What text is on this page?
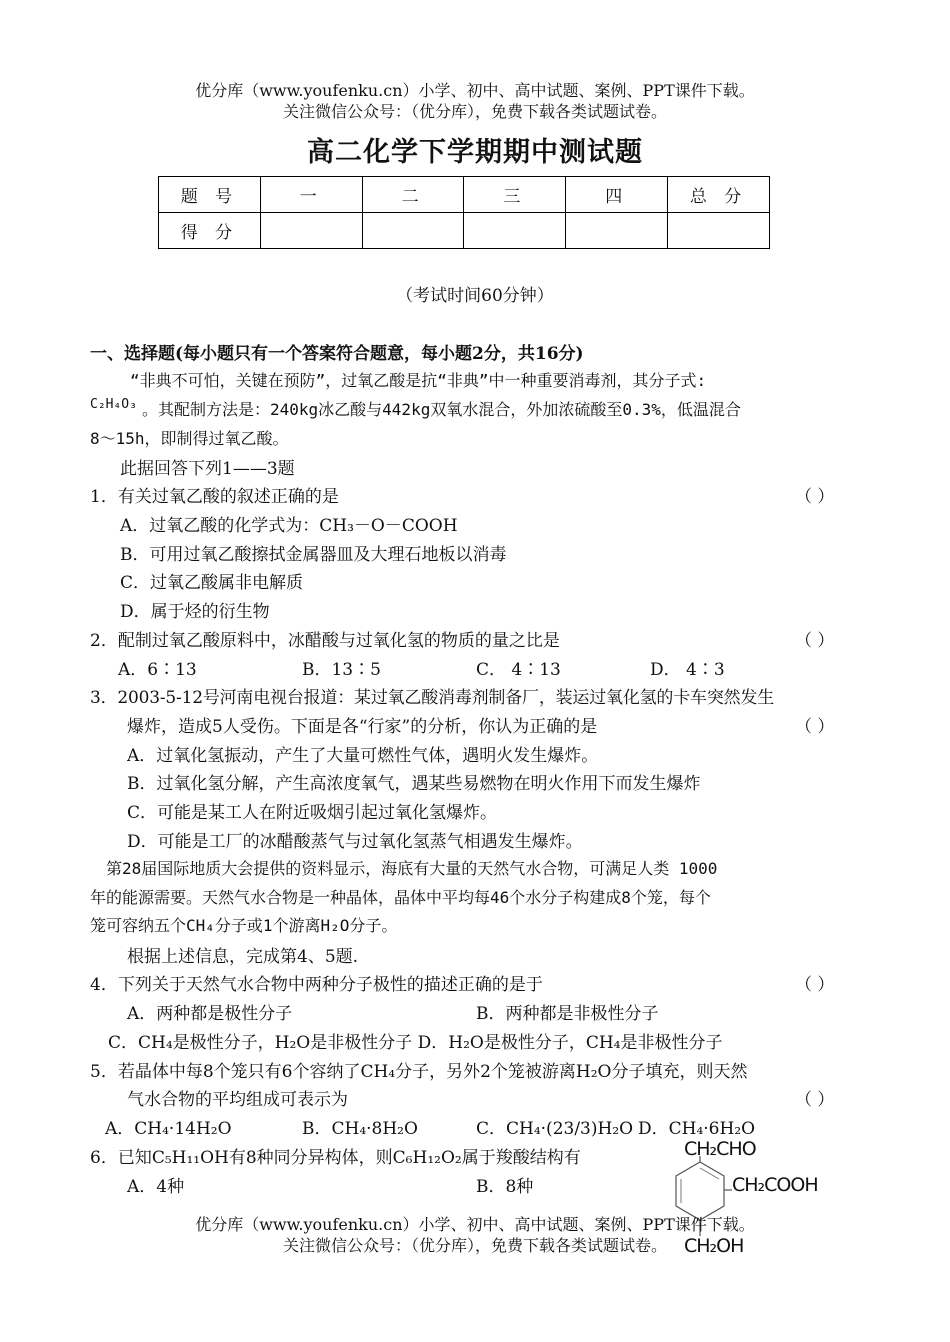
优分库（www.youfenku.cn）小学、初中、高中试题、案例、PPT课件下载。
关注微信公众号：（优分库），免费下载各类试题试卷。
高二化学下学期期中测试题
题 号	一	二	三	四	总 分
得 分					
（考试时间60分钟）
一、选择题(每小题只有一个答案符合题意，每小题2分，共16分)
“非典不可怕，关键在预防”，过氧乙酸是抗“非典”中一种重要消毒剂，其分子式:
C₂H₄O₃ 。其配制方法是：240kg冰乙酸与442kg双氧水混合，外加浓硫酸至0.3%，低温混合
8～15h，即制得过氧乙酸。
此据回答下列1——3题
1．有关过氧乙酸的叙述正确的是	（ ）
A．过氧乙酸的化学式为：CH₃－O－COOH
B．可用过氧乙酸擦拭金属器皿及大理石地板以消毒
C．过氧乙酸属非电解质
D．属于烃的衍生物
2．配制过氧乙酸原料中，冰醋酸与过氧化氢的物质的量之比是	（ ）
A．6∶13	B．13∶5	C． 4∶13	D． 4∶3
3．2003-5-12号河南电视台报道：某过氧乙酸消毒剂制备厂，装运过氧化氢的卡车突然发生
爆炸，造成5人受伤。下面是各“行家”的分析，你认为正确的是	（ ）
A．过氧化氢振动，产生了大量可燃性气体，遇明火发生爆炸。
B．过氧化氢分解，产生高浓度氧气，遇某些易燃物在明火作用下而发生爆炸
C．可能是某工人在附近吸烟引起过氧化氢爆炸。
D．可能是工厂的冰醋酸蒸气与过氧化氢蒸气相遇发生爆炸。
第28届国际地质大会提供的资料显示，海底有大量的天然气水合物，可满足人类 1000
年的能源需要。天然气水合物是一种晶体，晶体中平均每46个水分子构建成8个笼，每个
笼可容纳五个CH₄分子或1个游离H₂O分子。
根据上述信息，完成第4、5题.
4．下列关于天然气水合物中两种分子极性的描述正确的是于	（ ）
A．两种都是极性分子	B．两种都是非极性分子
C．CH₄是极性分子，H₂O是非极性分子 D．H₂O是极性分子，CH₄是非极性分子
5．若晶体中每8个笼只有6个容纳了CH₄分子，另外2个笼被游离H₂O分子填充，则天然
气水合物的平均组成可表示为	（ ）
A．CH₄·14H₂O	B．CH₄·8H₂O	C．CH₄·(23/3)H₂O D．CH₄·6H₂O
6．已知C₅H₁₁OH有8种同分异构体，则C₆H₁₂O₂属于羧酸结构有
A．4种	B．8种
CH₂CHO
CH₂COOH
CH₂OH
优分库（www.youfenku.cn）小学、初中、高中试题、案例、PPT课件下载。
关注微信公众号：（优分库），免费下载各类试题试卷。
